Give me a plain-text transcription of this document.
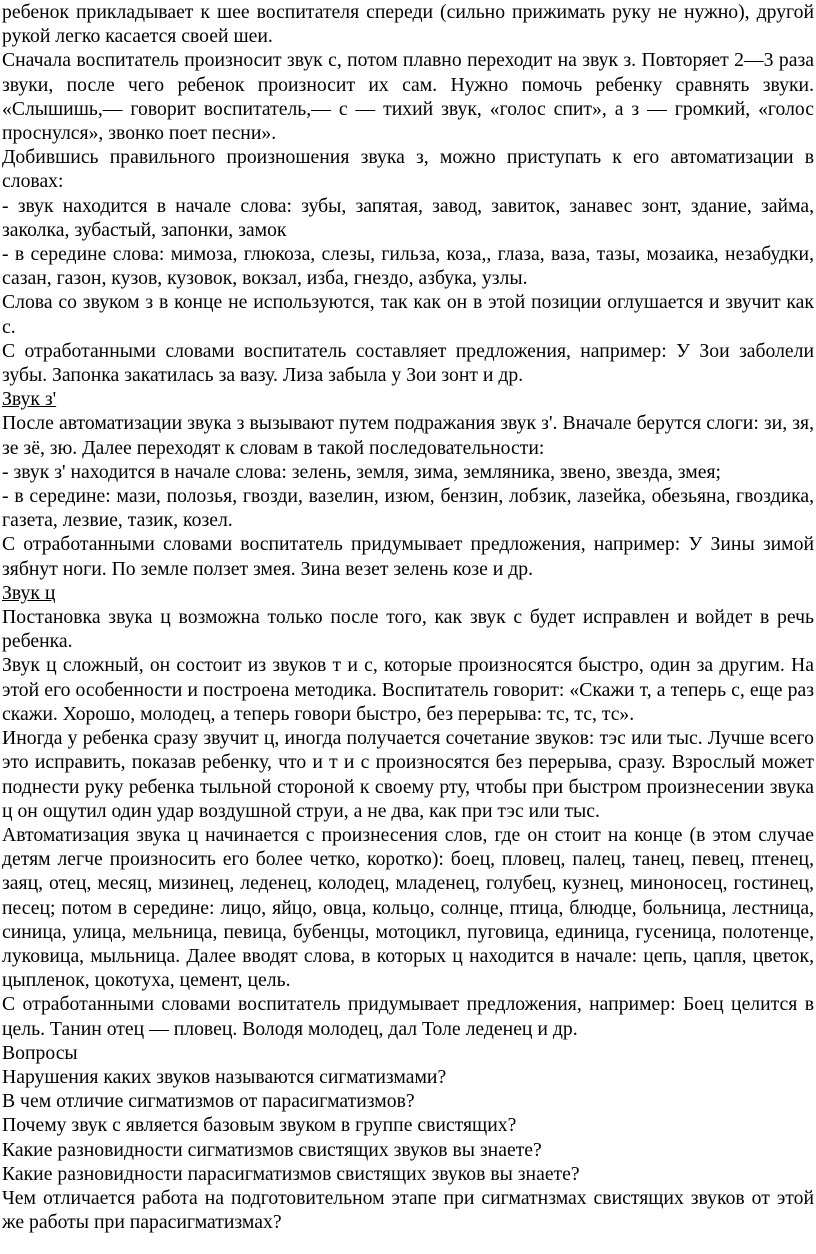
ребенок прикладывает к шее воспитателя спереди (сильно прижимать руку не нужно), другой рукой легко касается своей шеи.

Сначала воспитатель произносит звук с, потом плавно переходит на звук з. Повторяет 2—3 раза звуки, после чего ребенок произносит их сам. Нужно помочь ребенку сравнять звуки. «Слышишь,— говорит воспитатель,— с — тихий звук, «голос спит», а з — громкий, «голос проснулся», звонко поет песни».

Добившись правильного произношения звука з, можно приступать к его автоматизации в словах:

- звук находится в начале слова: зубы, запятая, завод, завиток, занавес зонт, здание, займа, заколка, зубастый, запонки, замок

- в середине слова: мимоза, глюкоза, слезы, гильза, коза,, глаза, ваза, тазы, мозаика, незабудки, сазан, газон, кузов, кузовок, вокзал, изба, гнездо, азбука, узлы.

Слова со звуком з в конце не используются, так как он в этой позиции оглушается и звучит как с.

С отработанными словами воспитатель составляет предложения, например: У Зои заболели зубы. Запонка закатилась за вазу. Лиза забыла у Зои зонт и др.

Звук з'

После автоматизации звука з вызывают путем подражания звук з'. Вначале берутся слоги: зи, зя, зе зё, зю. Далее переходят к словам в такой последовательности:

- звук з' находится в начале слова: зелень, земля, зима, земляника, звено, звезда, змея;

- в середине: мази, полозья, гвозди, вазелин, изюм, бензин, лобзик, лазейка, обезьяна, гвоздика, газета, лезвие, тазик, козел.

С отработанными словами воспитатель придумывает предложения, например: У Зины зимой зябнут ноги. По земле ползет змея. Зина везет зелень козе и др.

Звук ц

Постановка звука ц возможна только после того, как звук с будет исправлен и войдет в речь ребенка.

Звук ц сложный, он состоит из звуков т и с, которые произносятся быстро, один за другим. На этой его особенности и построена методика. Воспитатель говорит: «Скажи т, а теперь с, еще раз скажи. Хорошо, молодец, а теперь говори быстро, без перерыва: тс, тс, тс».

Иногда у ребенка сразу звучит ц, иногда получается сочетание звуков: тэс или тыс. Лучше всего это исправить, показав ребенку, что и т и с произносятся без перерыва, сразу. Взрослый может поднести руку ребенка тыльной стороной к своему рту, чтобы при быстром произнесении звука ц он ощутил один удар воздушной струи, а не два, как при тэс или тыс.

Автоматизация звука ц начинается с произнесения слов, где он стоит на конце (в этом случае детям легче произносить его более четко, коротко): боец, пловец, палец, танец, певец, птенец, заяц, отец, месяц, мизинец, леденец, колодец, младенец, голубец, кузнец, миноносец, гостинец, песец; потом в середине: лицо, яйцо, овца, кольцо, солнце, птица, блюдце, больница, лестница, синица, улица, мельница, певица, бубенцы, мотоцикл, пуговица, единица, гусеница, полотенце, луковица, мыльница. Далее вводят слова, в которых ц находится в начале: цепь, цапля, цветок, цыпленок, цокотуха, цемент, цель.

С отработанными словами воспитатель придумывает предложения, например: Боец целится в цель. Танин отец — пловец. Володя молодец, дал Толе леденец и др.

Вопросы

Нарушения каких звуков называются сигматизмами?

В чем отличие сигматизмов от парасигматизмов?

Почему звук с является базовым звуком в группе свистящих?

Какие разновидности сигматизмов свистящих звуков вы знаете?

Какие разновидности парасигматизмов свистящих звуков вы знаете?

Чем отличается работа на подготовительном этапе при сигматнзмах свистящих звуков от этой же работы при парасигматизмах?
